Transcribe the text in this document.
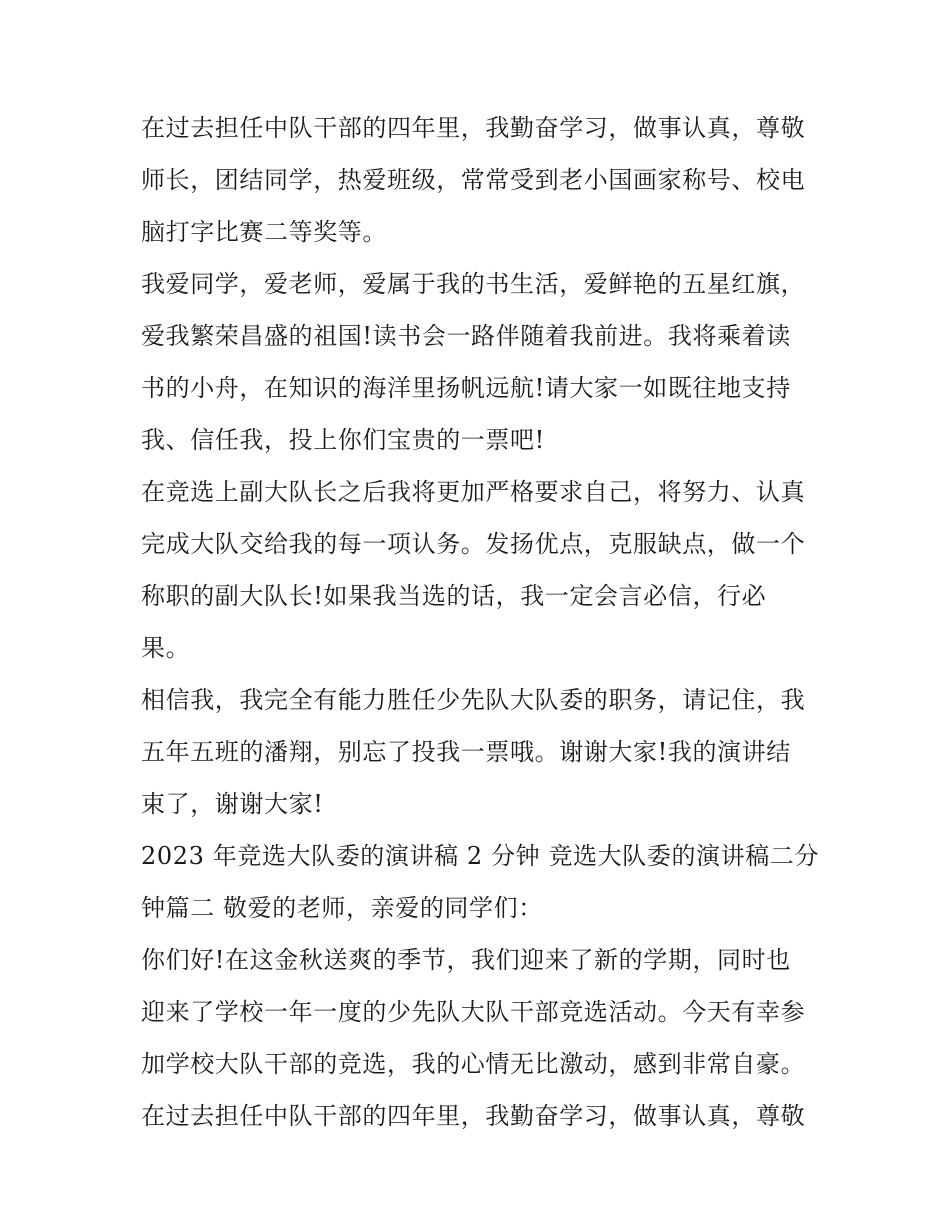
在过去担任中队干部的四年里，我勤奋学习，做事认真，尊敬
师长，团结同学，热爱班级，常常受到老小国画家称号、校电
脑打字比赛二等奖等。
我爱同学，爱老师，爱属于我的书生活，爱鲜艳的五星红旗，
爱我繁荣昌盛的祖国!读书会一路伴随着我前进。我将乘着读
书的小舟，在知识的海洋里扬帆远航!请大家一如既往地支持
我、信任我，投上你们宝贵的一票吧!
在竞选上副大队长之后我将更加严格要求自己，将努力、认真
完成大队交给我的每一项认务。发扬优点，克服缺点，做一个
称职的副大队长!如果我当选的话，我一定会言必信，行必
果。
相信我，我完全有能力胜任少先队大队委的职务，请记住，我
五年五班的潘翔，别忘了投我一票哦。谢谢大家!我的演讲结
束了，谢谢大家!
2023 年竞选大队委的演讲稿 2 分钟 竞选大队委的演讲稿二分
钟篇二 敬爱的老师，亲爱的同学们：
你们好!在这金秋送爽的季节，我们迎来了新的学期，同时也
迎来了学校一年一度的少先队大队干部竞选活动。今天有幸参
加学校大队干部的竞选，我的心情无比激动，感到非常自豪。
在过去担任中队干部的四年里，我勤奋学习，做事认真，尊敬
